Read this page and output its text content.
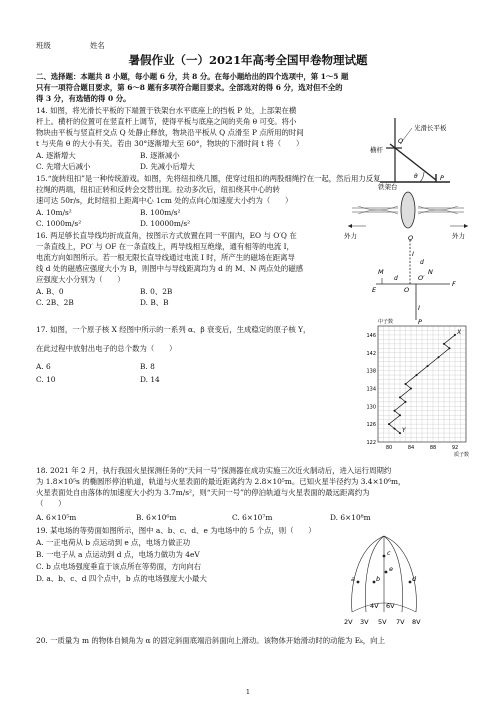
班级	姓名
暑假作业（一）2021年高考全国甲卷物理试题
二、选择题：本题共 8 小题，每小题 6 分，共 8 分。在每小题给出的四个选项中，第 1～5 题
只有一项符合题目要求，第 6～8 题有多项符合题目要求。全部选对的得 6 分，选对但不全的
得 3 分，有选错的得 0 分。
14. 如图，将光滑长平板的下端置于铁架台水平底座上的挡板 P 处，上部架在横
杆上。横杆的位置可在竖直杆上调节，使得平板与底座之间的夹角 θ 可变。将小
物块由平板与竖直杆交点 Q 处静止释放，物块沿平板从 Q 点滑至 P 点所用的时间
t 与夹角 θ 的大小有关。若由 30°逐渐增大至 60°，物块的下滑时间 t 将（　　）
A. 逐渐增大	B. 逐渐减小
C. 先增大后减小	D. 先减小后增大
光滑长平板
横杆
铁架台
Q
P
θ
15.“旋转纽扣”是一种传统游戏。如图，先将纽扣绕几圈，使穿过纽扣的两股细绳拧在一起，然后用力反复
拉绳的两端，纽扣正转和反转会交替出现。拉动多次后，纽扣绕其中心的转
速可达 50r/s，此时纽扣上距离中心 1cm 处的点向心加速度大小约为（　　）
A. 10m/s²	B. 100m/s²
C. 1000m/s²	D. 10000m/s²
外力	外力
16. 两足够长直导线均折成直角，按图示方式放置在同一平面内，EO 与 O′Q 在
一条直线上，PO′ 与 OF 在一条直线上，两导线相互绝缘，通有相等的电流 I，
电流方向如图所示。若一根无限长直导线通过电流 I 时，所产生的磁场在距离导
线 d 处的磁感应强度大小为 B，则图中与导线距离均为 d 的 M、N 两点处的磁感
应强度大小分别为（　　）
A. B、0	B. 0、2B
C. 2B、2B	D. B、B
Q
M	N
E	O
O′
F
P
I
I
d
d
17. 如图，一个原子核 X 经图中所示的一系列 α、β 衰变后，生成稳定的原子核 Y，
在此过程中放射出电子的总个数为（　　）
A. 6	B. 8
C. 10	D. 14
122
126
130
134
138
142
146
80	84	88	92
中子数
质子数
X
Y
18. 2021 年 2 月，执行我国火星探测任务的“天问一号”探测器在成功实施三次近火制动后，进入运行周期约
为 1.8×10⁵s 的椭圆形停泊轨道，轨道与火星表面的最近距离约为 2.8×10⁵m。已知火星半径约为 3.4×10⁶m，
火星表面处自由落体的加速度大小约为 3.7m/s²，则“天问一号”的停泊轨道与火星表面的最远距离约为
（　　）
A. 6×10⁵m	B. 6×10⁶m	C. 6×10⁷m	D. 6×10⁸m
19. 某电场的等势面如图所示，图中 a、b、c、d、e 为电场中的 5 个点，则（　　）
A. 一正电荷从 b 点运动到 e 点，电场力做正功
B. 一电子从 a 点运动到 d 点，电场力做功为 4eV
C. b 点电场强度垂直于该点所在等势面，方向向右
D. a、b、c、d 四个点中，b 点的电场强度大小最大
c
e
a	b	d
4V 6V
2V 3V 5V 7V 8V
20. 一质量为 m 的物体自倾角为 α 的固定斜面底端沿斜面向上滑动。该物体开始滑动时的动能为 Eₖ，向上
1
